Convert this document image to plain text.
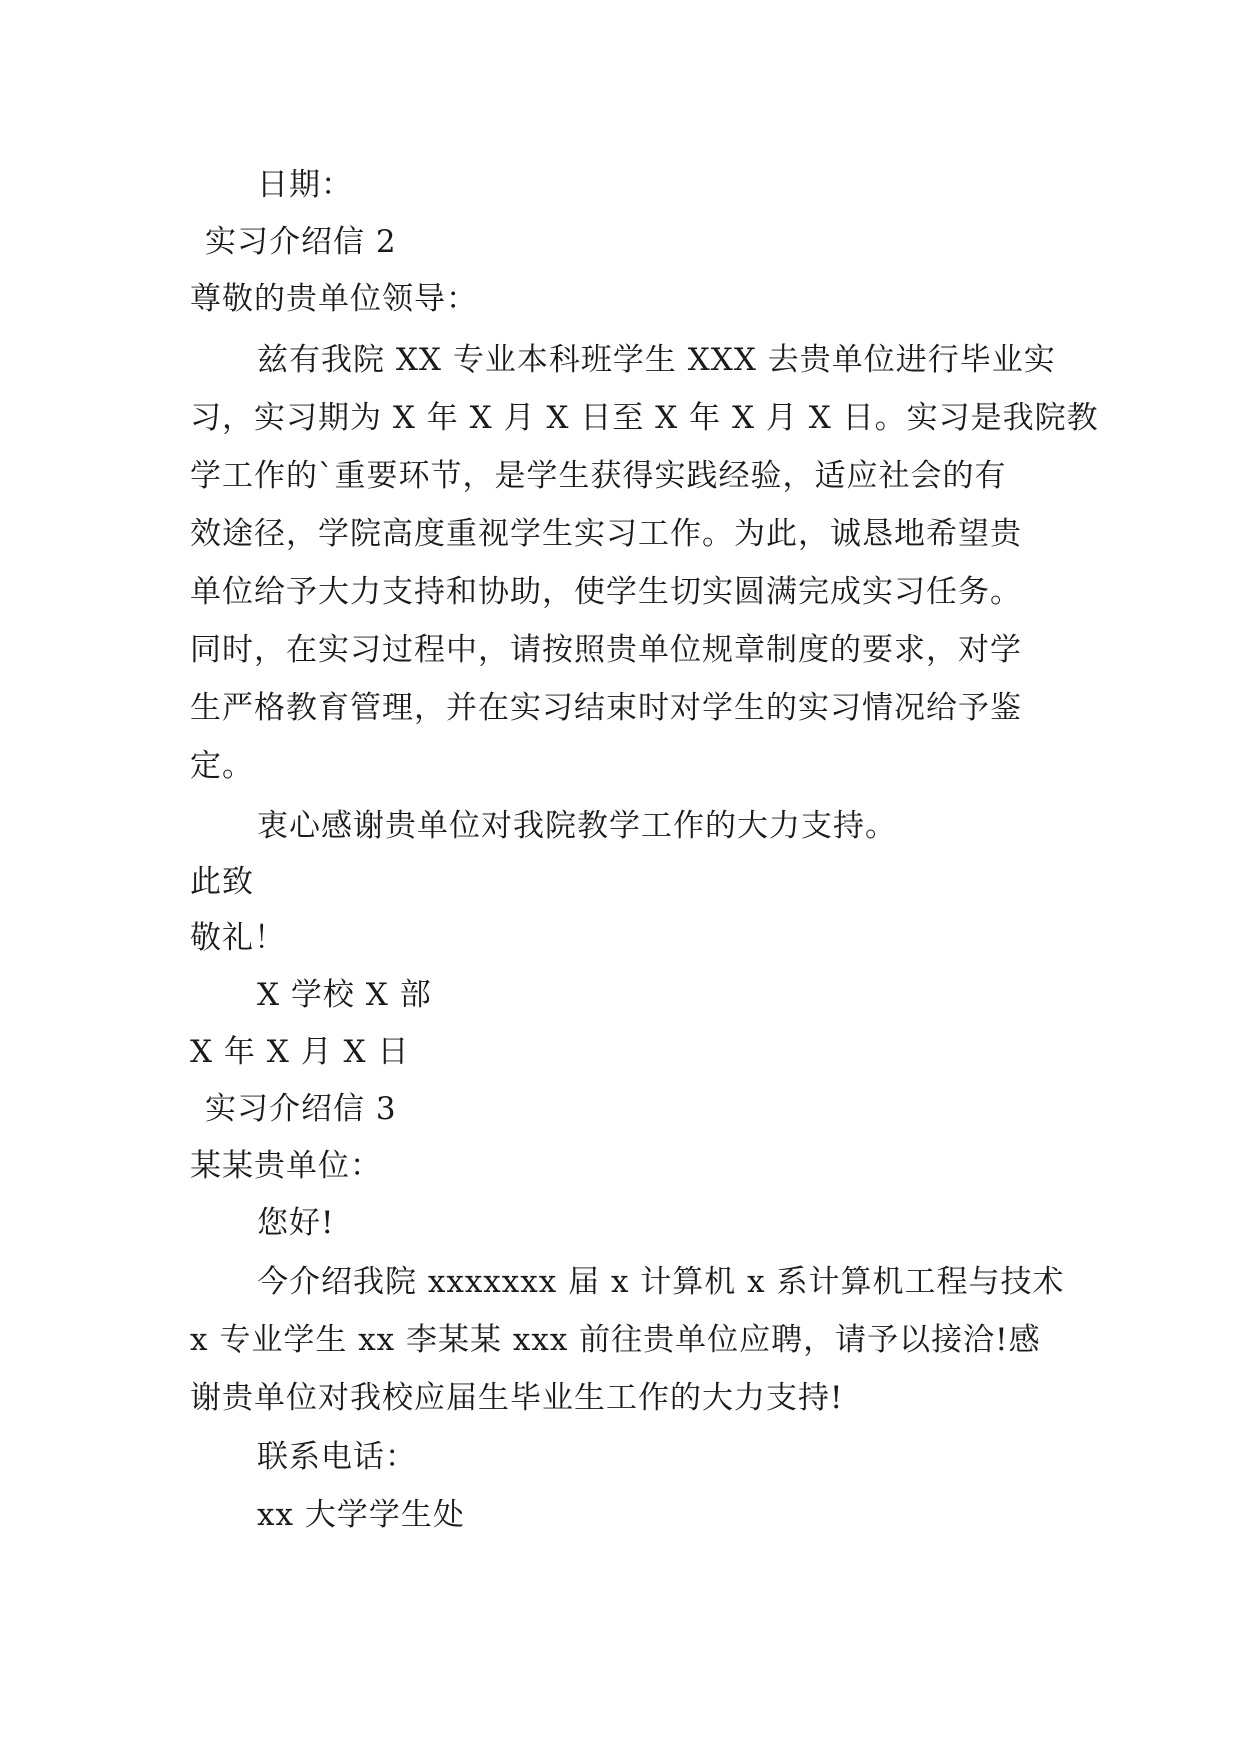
日期：
实习介绍信 2
尊敬的贵单位领导：
兹有我院 XX 专业本科班学生 XXX 去贵单位进行毕业实
习，实习期为 X 年 X 月 X 日至 X 年 X 月 X 日。实习是我院教
学工作的`重要环节，是学生获得实践经验，适应社会的有
效途径，学院高度重视学生实习工作。为此，诚恳地希望贵
单位给予大力支持和协助，使学生切实圆满完成实习任务。
同时，在实习过程中，请按照贵单位规章制度的要求，对学
生严格教育管理，并在实习结束时对学生的实习情况给予鉴
定。
衷心感谢贵单位对我院教学工作的大力支持。
此致
敬礼！
X 学校 X 部
X 年 X 月 X 日
实习介绍信 3
某某贵单位：
您好!
今介绍我院 xxxxxxx 届 x 计算机 x 系计算机工程与技术
x 专业学生 xx 李某某 xxx 前往贵单位应聘，请予以接洽!感
谢贵单位对我校应届生毕业生工作的大力支持!
联系电话：
xx 大学学生处
